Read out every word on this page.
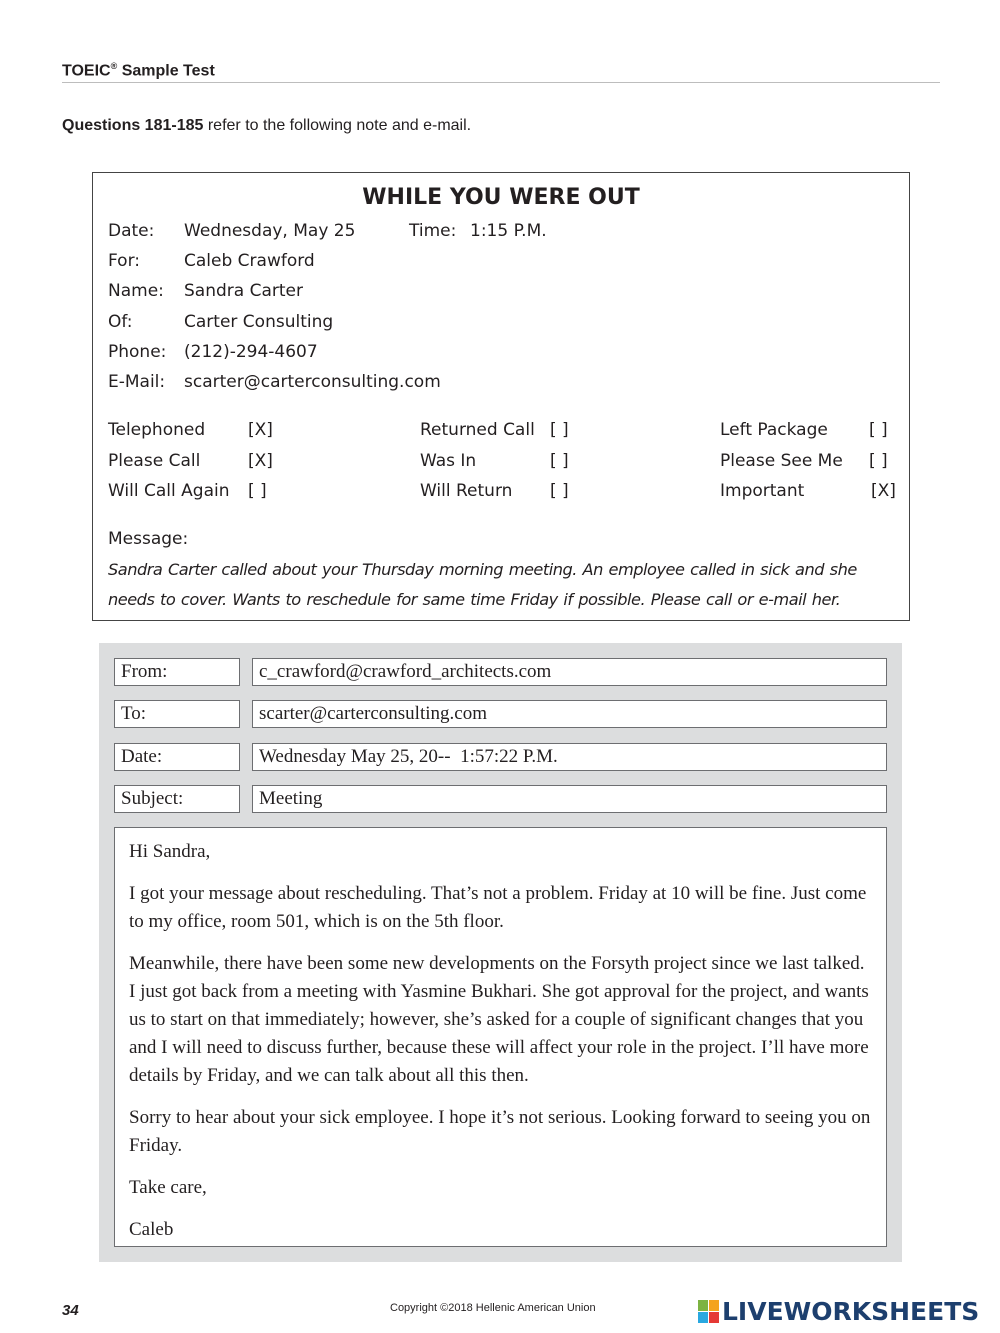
TOEIC® Sample Test
Questions 181-185 refer to the following note and e-mail.
WHILE YOU WERE OUT
Date: Wednesday, May 25	Time: 1:15 P.M.
For:	Caleb Crawford
Name: Sandra Carter
Of:	Carter Consulting
Phone: (212)-294-4607
E-Mail: scarter@carterconsulting.com
Telephoned	[X]	Returned Call [ ]	Left Package [ ]
Please Call	[X]	Was In	[ ]	Please See Me [ ]
Will Call Again [ ]	Will Return [ ]	Important	[X]
Message:
Sandra Carter called about your Thursday morning meeting. An employee called in sick and she needs to cover. Wants to reschedule for same time Friday if possible. Please call or e-mail her.
From:	c_crawford@crawford_architects.com
To:	scarter@carterconsulting.com
Date:	Wednesday May 25, 20--  1:57:22 P.M.
Subject:	Meeting

Hi Sandra,

I got your message about rescheduling. That’s not a problem. Friday at 10 will be fine. Just come to my office, room 501, which is on the 5th floor.

Meanwhile, there have been some new developments on the Forsyth project since we last talked. I just got back from a meeting with Yasmine Bukhari. She got approval for the project, and wants us to start on that immediately; however, she’s asked for a couple of significant changes that you and I will need to discuss further, because these will affect your role in the project. I’ll have more details by Friday, and we can talk about all this then.

Sorry to hear about your sick employee. I hope it’s not serious. Looking forward to seeing you on Friday.

Take care,

Caleb

34	Copyright ©2018 Hellenic American Union	LIVEWORKSHEETS
